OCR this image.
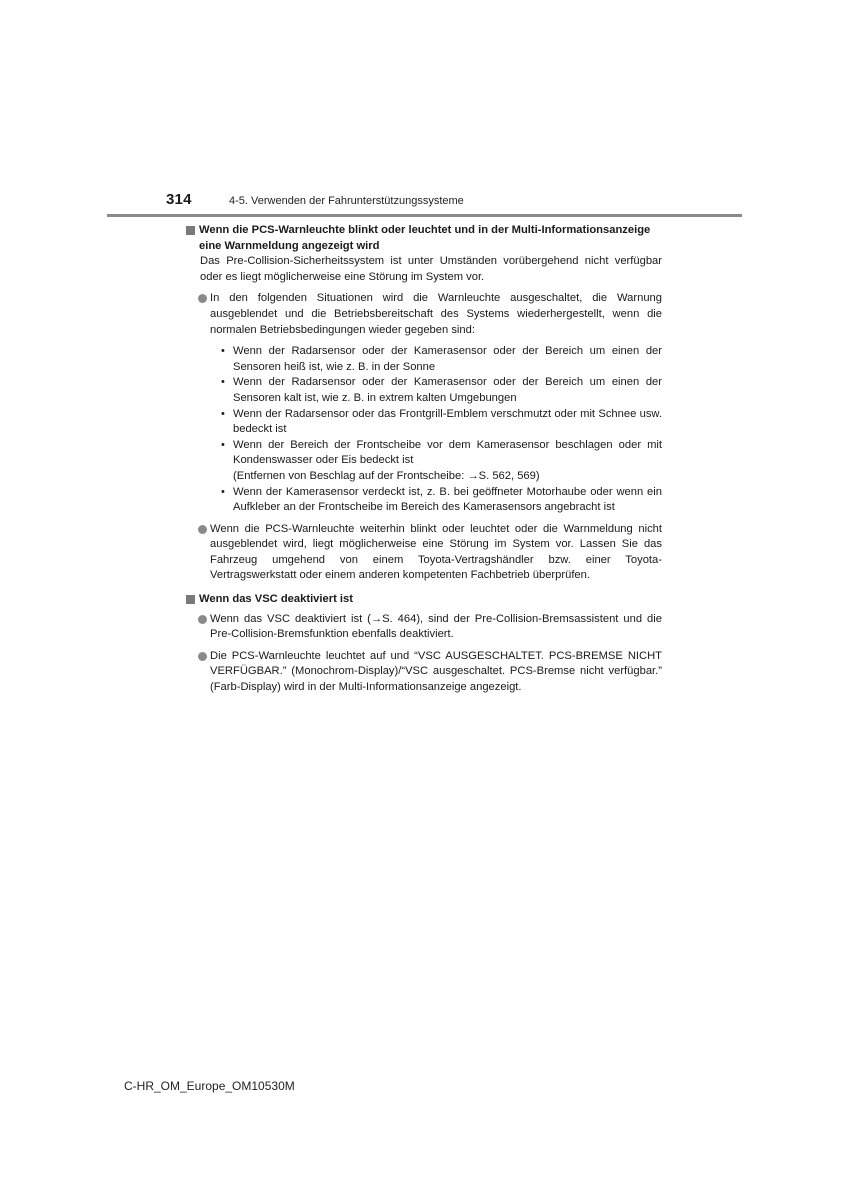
314	4-5. Verwenden der Fahrunterstützungssysteme
Wenn die PCS-Warnleuchte blinkt oder leuchtet und in der Multi-Informationsanzeige eine Warnmeldung angezeigt wird
Das Pre-Collision-Sicherheitssystem ist unter Umständen vorübergehend nicht verfügbar oder es liegt möglicherweise eine Störung im System vor.
In den folgenden Situationen wird die Warnleuchte ausgeschaltet, die Warnung ausgeblendet und die Betriebsbereitschaft des Systems wiederhergestellt, wenn die normalen Betriebsbedingungen wieder gegeben sind:
• Wenn der Radarsensor oder der Kamerasensor oder der Bereich um einen der Sensoren heiß ist, wie z. B. in der Sonne
• Wenn der Radarsensor oder der Kamerasensor oder der Bereich um einen der Sensoren kalt ist, wie z. B. in extrem kalten Umgebungen
• Wenn der Radarsensor oder das Frontgrill-Emblem verschmutzt oder mit Schnee usw. bedeckt ist
• Wenn der Bereich der Frontscheibe vor dem Kamerasensor beschlagen oder mit Kondenswasser oder Eis bedeckt ist
(Entfernen von Beschlag auf der Frontscheibe: →S. 562, 569)
• Wenn der Kamerasensor verdeckt ist, z. B. bei geöffneter Motorhaube oder wenn ein Aufkleber an der Frontscheibe im Bereich des Kamerasensors angebracht ist
Wenn die PCS-Warnleuchte weiterhin blinkt oder leuchtet oder die Warnmeldung nicht ausgeblendet wird, liegt möglicherweise eine Störung im System vor. Lassen Sie das Fahrzeug umgehend von einem Toyota-Vertragshändler bzw. einer Toyota-Vertragswerkstatt oder einem anderen kompetenten Fachbetrieb überprüfen.
Wenn das VSC deaktiviert ist
Wenn das VSC deaktiviert ist (→S. 464), sind der Pre-Collision-Bremsassistent und die Pre-Collision-Bremsfunktion ebenfalls deaktiviert.
Die PCS-Warnleuchte leuchtet auf und “VSC AUSGESCHALTET. PCS-BREMSE NICHT VERFÜGBAR.” (Monochrom-Display)/“VSC ausgeschaltet. PCS-Bremse nicht verfügbar.” (Farb-Display) wird in der Multi-Informationsanzeige angezeigt.
C-HR_OM_Europe_OM10530M
